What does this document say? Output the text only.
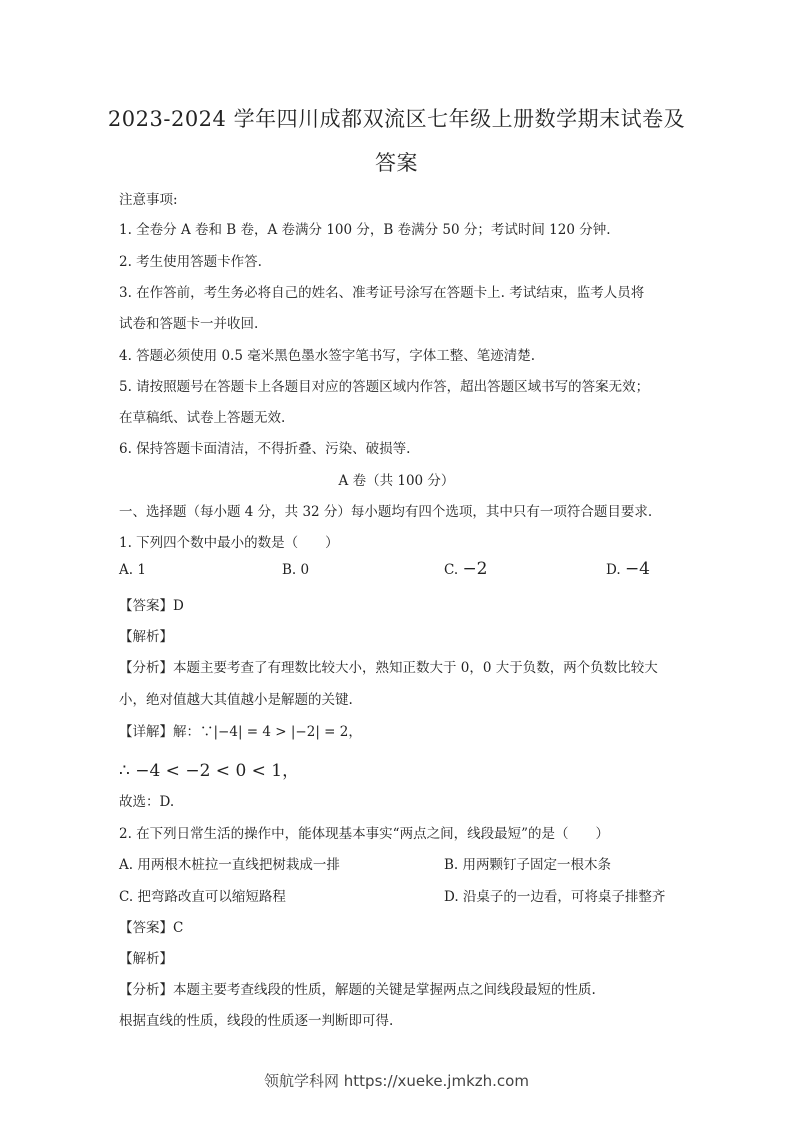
2023-2024 学年四川成都双流区七年级上册数学期末试卷及
答案
注意事项:
1. 全卷分 A 卷和 B 卷，A 卷满分 100 分，B 卷满分 50 分；考试时间 120 分钟.
2. 考生使用答题卡作答.
3. 在作答前，考生务必将自己的姓名、准考证号涂写在答题卡上. 考试结束，监考人员将
试卷和答题卡一并收回.
4. 答题必须使用 0.5 毫米黑色墨水签字笔书写，字体工整、笔迹清楚.
5. 请按照题号在答题卡上各题目对应的答题区域内作答，超出答题区域书写的答案无效；
在草稿纸、试卷上答题无效.
6. 保持答题卡面清洁，不得折叠、污染、破损等.
A 卷（共 100 分）
一、选择题（每小题 4 分，共 32 分）每小题均有四个选项，其中只有一项符合题目要求.
1. 下列四个数中最小的数是（　　）
A. 1	B. 0	C. −2	D. −4
【答案】D
【解析】
【分析】本题主要考查了有理数比较大小，熟知正数大于 0，0 大于负数，两个负数比较大
小，绝对值越大其值越小是解题的关键.
【详解】解：∵|−4| = 4 > |−2| = 2，
∴ −4 < −2 < 0 < 1，
故选：D.
2. 在下列日常生活的操作中，能体现基本事实“两点之间，线段最短”的是（　　）
A. 用两根木桩拉一直线把树栽成一排	B. 用两颗钉子固定一根木条
C. 把弯路改直可以缩短路程	D. 沿桌子的一边看，可将桌子排整齐
【答案】C
【解析】
【分析】本题主要考查线段的性质，解题的关键是掌握两点之间线段最短的性质.
根据直线的性质，线段的性质逐一判断即可得.
领航学科网 https://xueke.jmkzh.com
